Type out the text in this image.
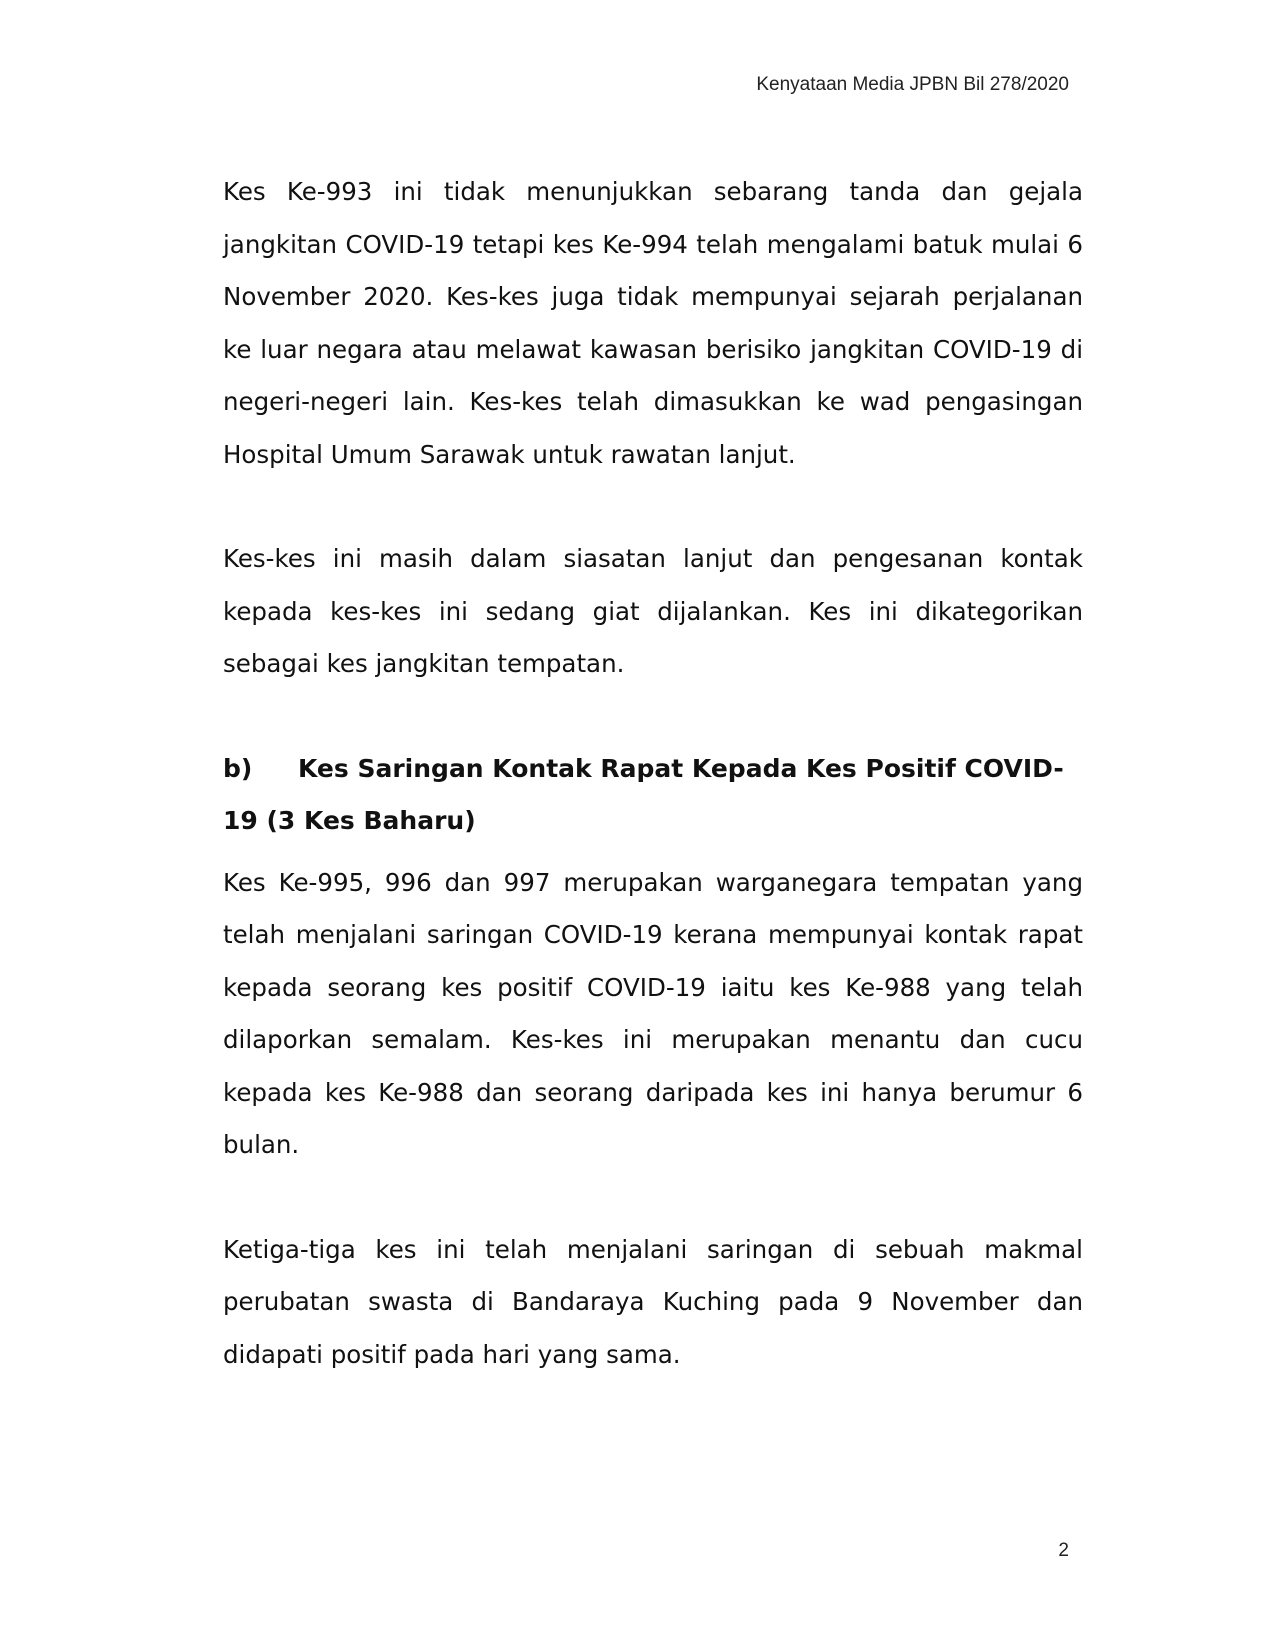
Kenyataan Media JPBN Bil 278/2020

Kes Ke-993 ini tidak menunjukkan sebarang tanda dan gejala jangkitan COVID-19 tetapi kes Ke-994 telah mengalami batuk mulai 6 November 2020. Kes-kes juga tidak mempunyai sejarah perjalanan ke luar negara atau melawat kawasan berisiko jangkitan COVID-19 di negeri-negeri lain. Kes-kes telah dimasukkan ke wad pengasingan Hospital Umum Sarawak untuk rawatan lanjut.

Kes-kes ini masih dalam siasatan lanjut dan pengesanan kontak kepada kes-kes ini sedang giat dijalankan. Kes ini dikategorikan sebagai kes jangkitan tempatan.

b) Kes Saringan Kontak Rapat Kepada Kes Positif COVID-19 (3 Kes Baharu)

Kes Ke-995, 996 dan 997 merupakan warganegara tempatan yang telah menjalani saringan COVID-19 kerana mempunyai kontak rapat kepada seorang kes positif COVID-19 iaitu kes Ke-988 yang telah dilaporkan semalam. Kes-kes ini merupakan menantu dan cucu kepada kes Ke-988 dan seorang daripada kes ini hanya berumur 6 bulan.

Ketiga-tiga kes ini telah menjalani saringan di sebuah makmal perubatan swasta di Bandaraya Kuching pada 9 November dan didapati positif pada hari yang sama.

2
